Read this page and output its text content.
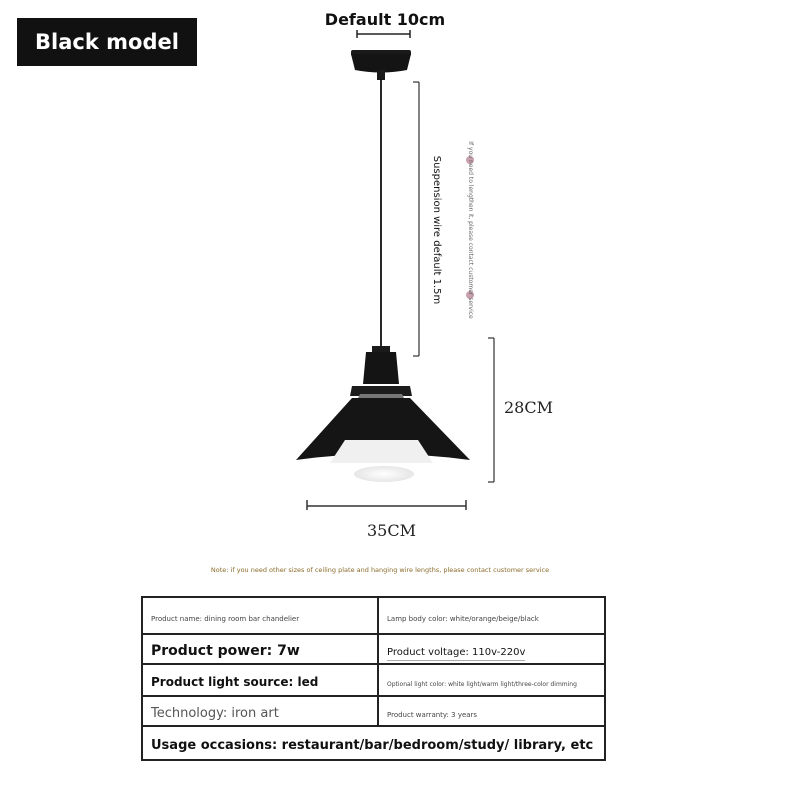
Black model
Default 10cm
Suspension wire default 1.5m	If you need to lengthen it, please contact customer service
28CM
35CM
Note: if you need other sizes of ceiling plate and hanging wire lengths, please contact customer service
Product name: dining room bar chandelier	Lamp body color: white/orange/beige/black
Product power: 7w	Product voltage: 110v-220v
Product light source: led	Optional light color: white light/warm light/three-color dimming
Technology: iron art	Product warranty: 3 years
Usage occasions: restaurant/bar/bedroom/study/ library, etc	
